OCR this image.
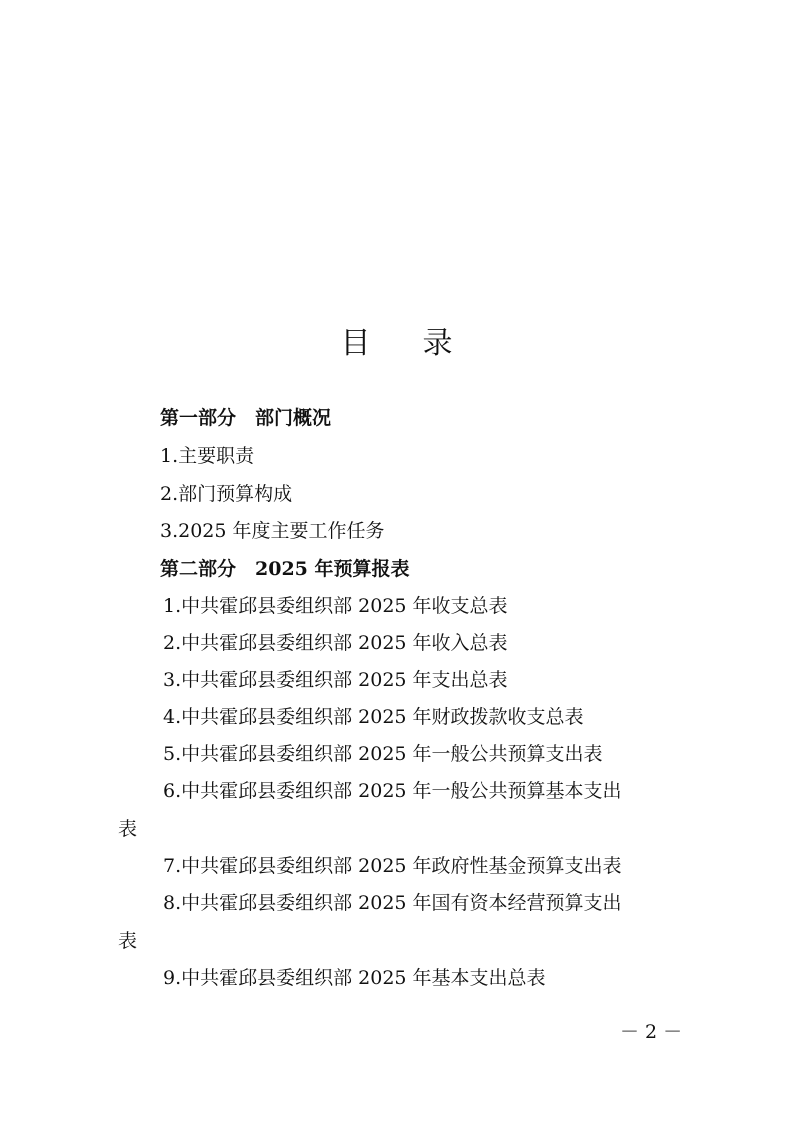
目 录
第一部分　部门概况
1.主要职责
2.部门预算构成
3.2025 年度主要工作任务
第二部分　2025 年预算报表
1.中共霍邱县委组织部 2025 年收支总表
2.中共霍邱县委组织部 2025 年收入总表
3.中共霍邱县委组织部 2025 年支出总表
4.中共霍邱县委组织部 2025 年财政拨款收支总表
5.中共霍邱县委组织部 2025 年一般公共预算支出表
6.中共霍邱县委组织部 2025 年一般公共预算基本支出
表
7.中共霍邱县委组织部 2025 年政府性基金预算支出表
8.中共霍邱县委组织部 2025 年国有资本经营预算支出
表
9.中共霍邱县委组织部 2025 年基本支出总表
－ 2 －
